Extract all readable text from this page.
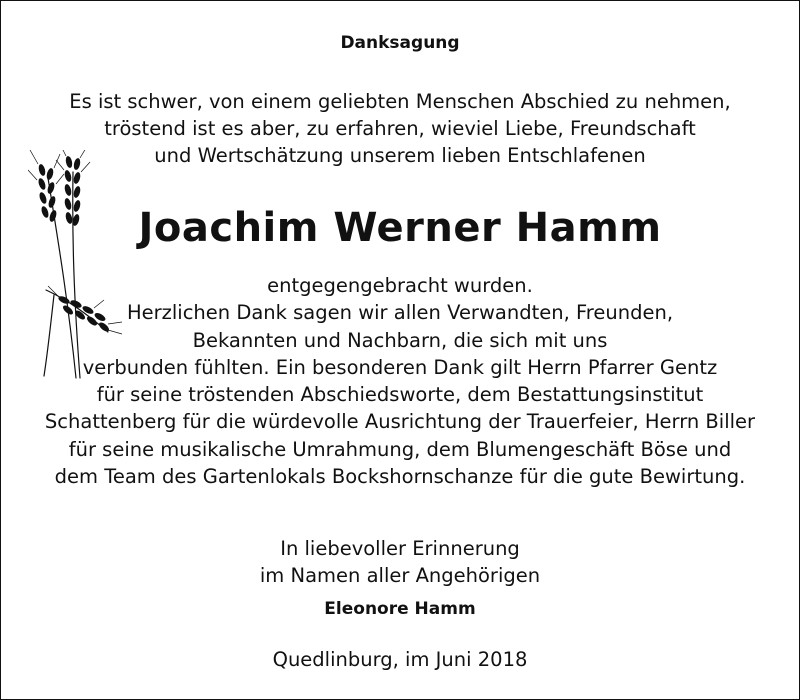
Danksagung
Es ist schwer, von einem geliebten Menschen Abschied zu nehmen,
tröstend ist es aber, zu erfahren, wieviel Liebe, Freundschaft
und Wertschätzung unserem lieben Entschlafenen
Joachim Werner Hamm
entgegengebracht wurden.
Herzlichen Dank sagen wir allen Verwandten, Freunden,
Bekannten und Nachbarn, die sich mit uns
verbunden fühlten. Ein besonderen Dank gilt Herrn Pfarrer Gentz
für seine tröstenden Abschiedsworte, dem Bestattungsinstitut
Schattenberg für die würdevolle Ausrichtung der Trauerfeier, Herrn Biller
für seine musikalische Umrahmung, dem Blumengeschäft Böse und
dem Team des Gartenlokals Bockshornschanze für die gute Bewirtung.
In liebevoller Erinnerung
im Namen aller Angehörigen
Eleonore Hamm
Quedlinburg, im Juni 2018
